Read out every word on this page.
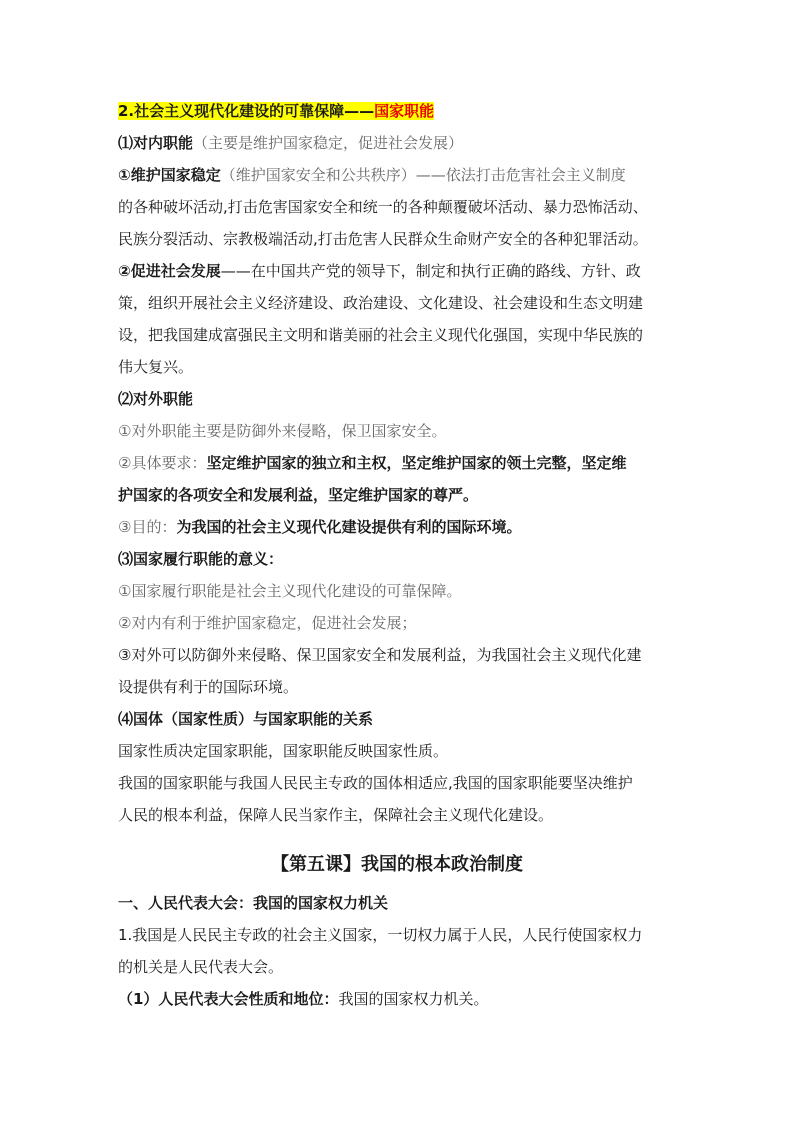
2.社会主义现代化建设的可靠保障——国家职能
⑴对内职能（主要是维护国家稳定，促进社会发展）
①维护国家稳定（维护国家安全和公共秩序）——依法打击危害社会主义制度
的各种破坏活动,打击危害国家安全和统一的各种颠覆破坏活动、暴力恐怖活动、
民族分裂活动、宗教极端活动,打击危害人民群众生命财产安全的各种犯罪活动。
②促进社会发展——在中国共产党的领导下，制定和执行正确的路线、方针、政
策，组织开展社会主义经济建设、政治建设、文化建设、社会建设和生态文明建
设，把我国建成富强民主文明和谐美丽的社会主义现代化强国，实现中华民族的
伟大复兴。
⑵对外职能
①对外职能主要是防御外来侵略，保卫国家安全。
②具体要求：坚定维护国家的独立和主权，坚定维护国家的领土完整，坚定维
护国家的各项安全和发展利益，坚定维护国家的尊严。
③目的：为我国的社会主义现代化建设提供有利的国际环境。
⑶国家履行职能的意义：
①国家履行职能是社会主义现代化建设的可靠保障。
②对内有利于维护国家稳定，促进社会发展；
③对外可以防御外来侵略、保卫国家安全和发展利益，为我国社会主义现代化建
设提供有利于的国际环境。
⑷国体（国家性质）与国家职能的关系
国家性质决定国家职能，国家职能反映国家性质。
我国的国家职能与我国人民民主专政的国体相适应,我国的国家职能要坚决维护
人民的根本利益，保障人民当家作主，保障社会主义现代化建设。
【第五课】我国的根本政治制度
一、人民代表大会：我国的国家权力机关
1.我国是人民民主专政的社会主义国家，一切权力属于人民，人民行使国家权力
的机关是人民代表大会。
（1）人民代表大会性质和地位：我国的国家权力机关。
